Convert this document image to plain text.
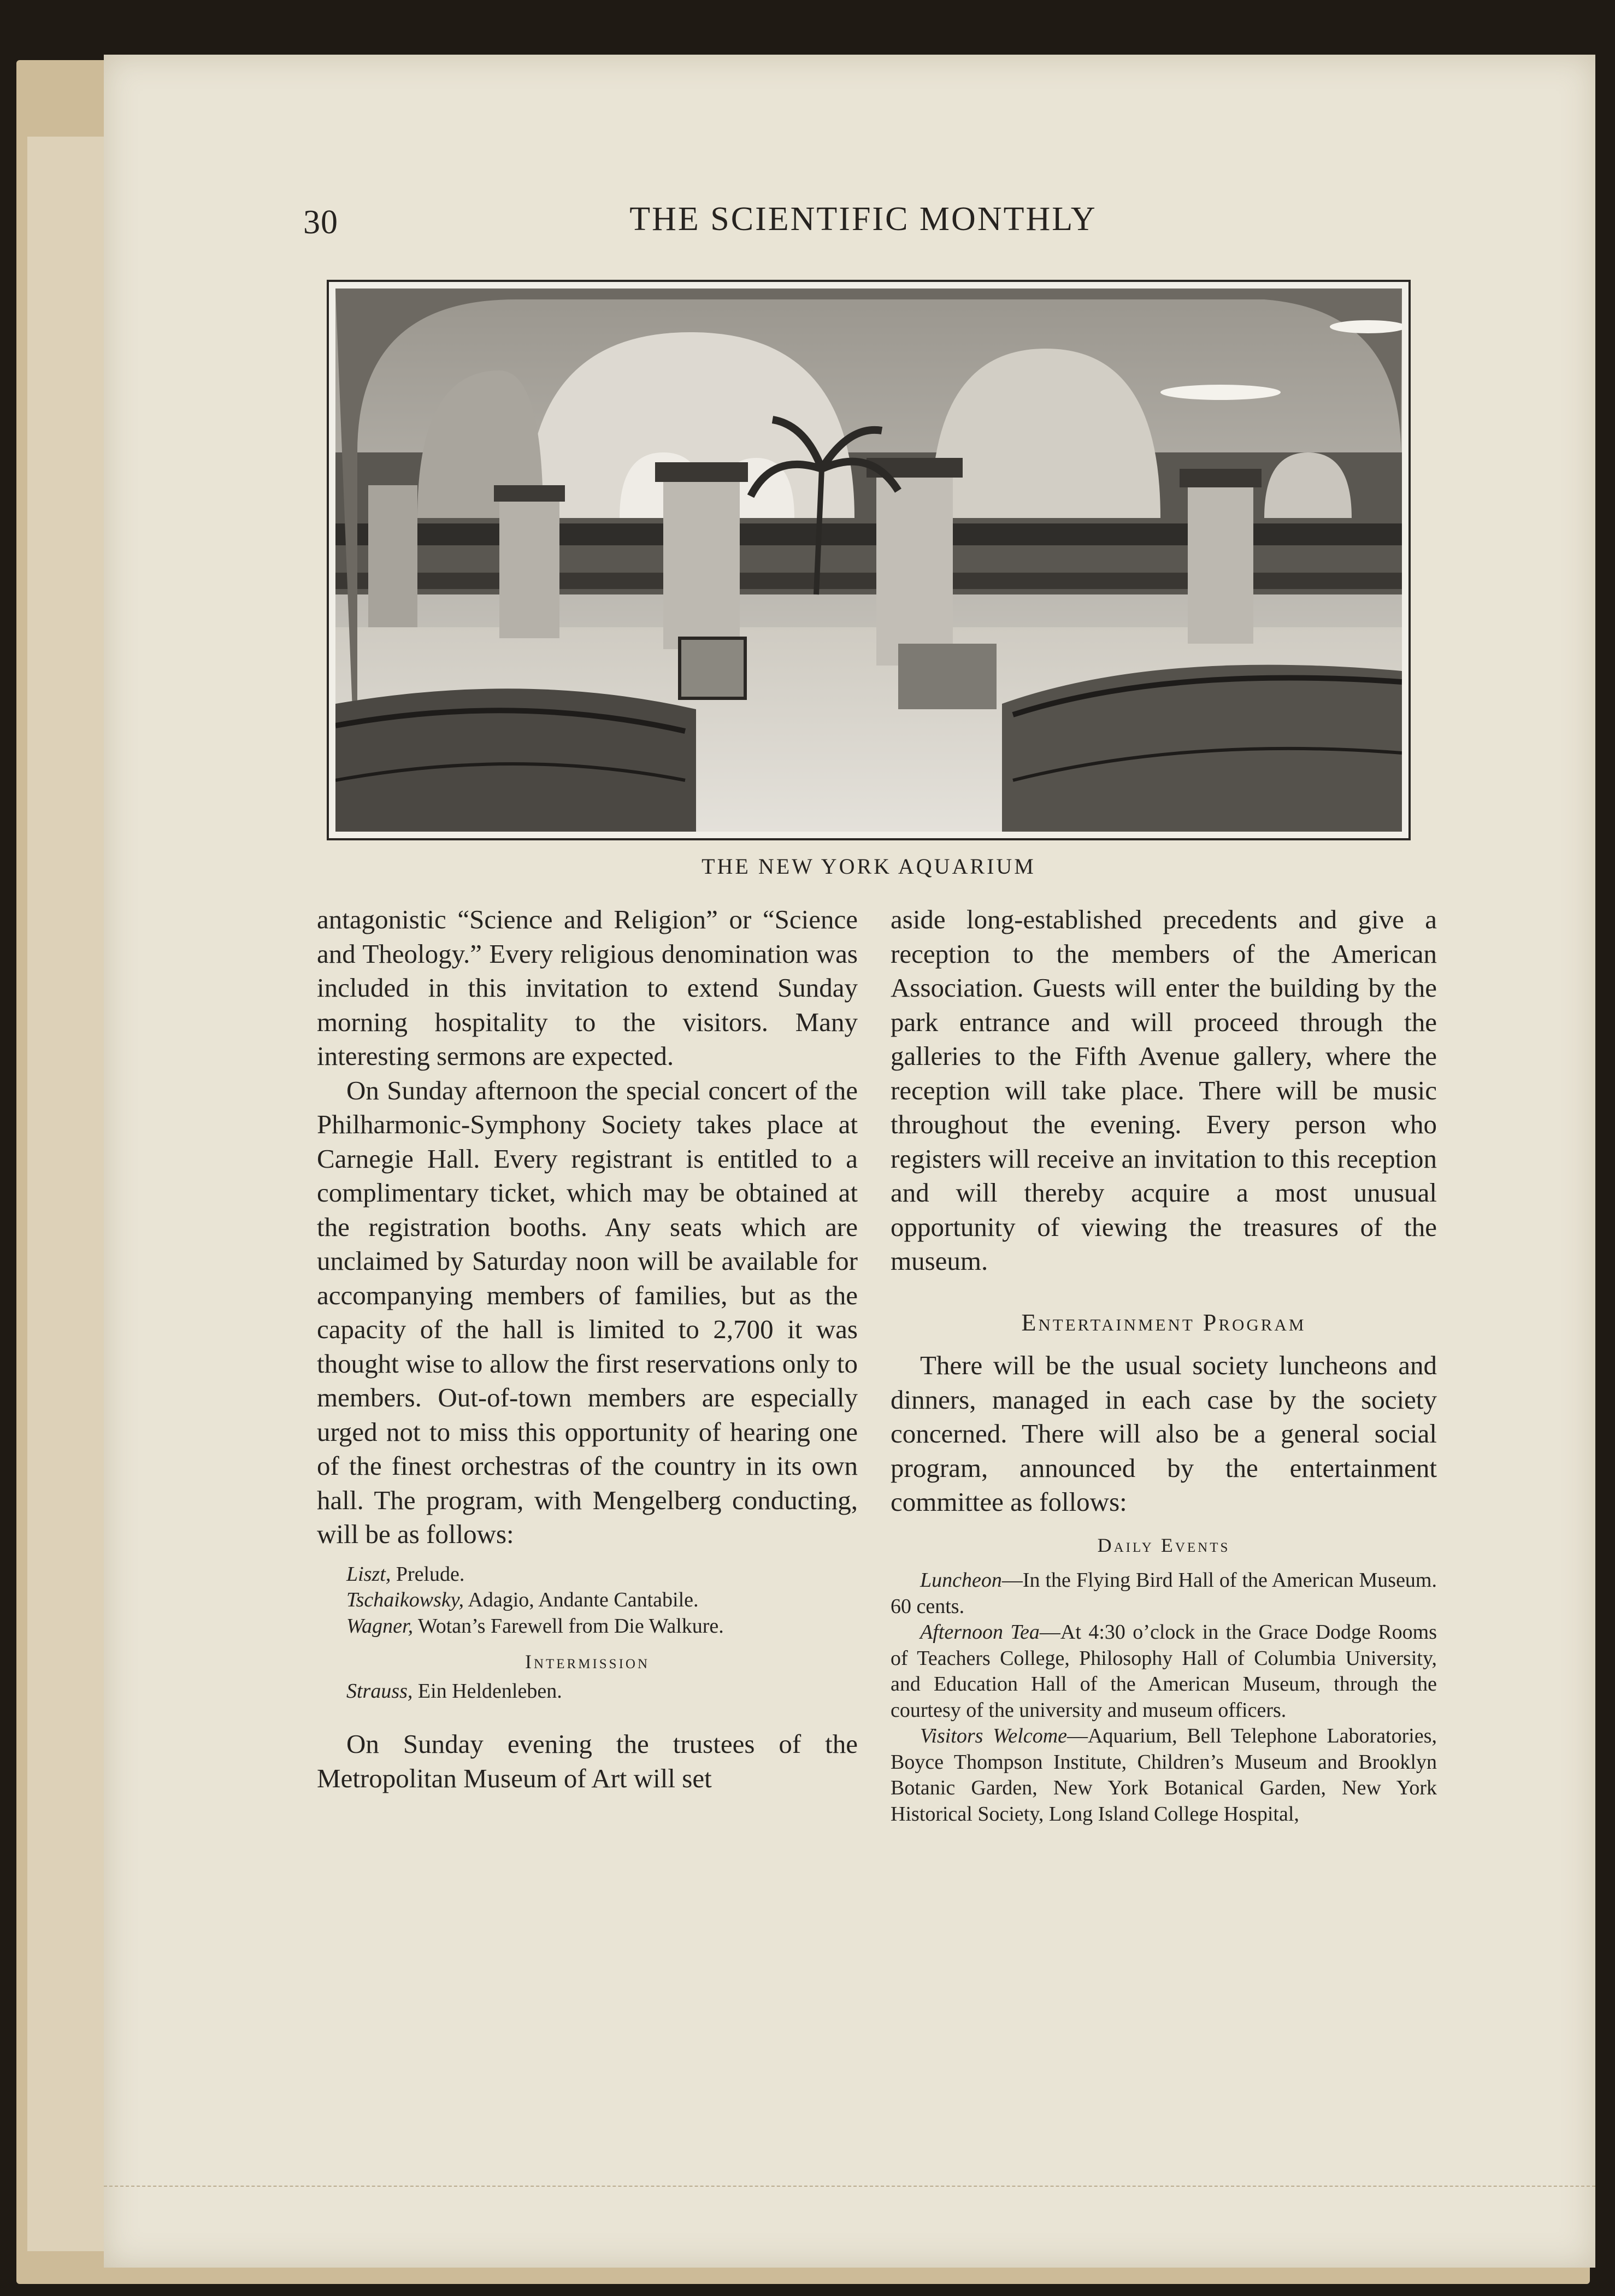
30	THE SCIENTIFIC MONTHLY
THE NEW YORK AQUARIUM

antagonistic “Science and Religion” or “Science and Theology.” Every religious denomination was included in this invitation to extend Sunday morning hospitality to the visitors. Many interesting sermons are expected.

On Sunday afternoon the special concert of the Philharmonic-Symphony Society takes place at Carnegie Hall. Every registrant is entitled to a complimentary ticket, which may be obtained at the registration booths. Any seats which are unclaimed by Saturday noon will be available for accompanying members of families, but as the capacity of the hall is limited to 2,700 it was thought wise to allow the first reservations only to members. Out-of-town members are especially urged not to miss this opportunity of hearing one of the finest orchestras of the country in its own hall. The program, with Mengelberg conducting, will be as follows:

Liszt, Prelude.

Tschaikowsky, Adagio, Andante Cantabile.

Wagner, Wotan’s Farewell from Die Walkure.

Intermission

Strauss, Ein Heldenleben.

On Sunday evening the trustees of the Metropolitan Museum of Art will set

aside long-established precedents and give a reception to the members of the American Association. Guests will enter the building by the park entrance and will proceed through the galleries to the Fifth Avenue gallery, where the reception will take place. There will be music throughout the evening. Every person who registers will receive an invitation to this reception and will thereby acquire a most unusual opportunity of viewing the treasures of the museum.

Entertainment Program

There will be the usual society luncheons and dinners, managed in each case by the society concerned. There will also be a general social program, announced by the entertainment committee as follows:

Daily Events

Luncheon—In the Flying Bird Hall of the American Museum. 60 cents.

Afternoon Tea—At 4:30 o’clock in the Grace Dodge Rooms of Teachers College, Philosophy Hall of Columbia University, and Education Hall of the American Museum, through the courtesy of the university and museum officers.

Visitors Welcome—Aquarium, Bell Telephone Laboratories, Boyce Thompson Institute, Children’s Museum and Brooklyn Botanic Garden, New York Botanical Garden, New York Historical Society, Long Island College Hospital,
